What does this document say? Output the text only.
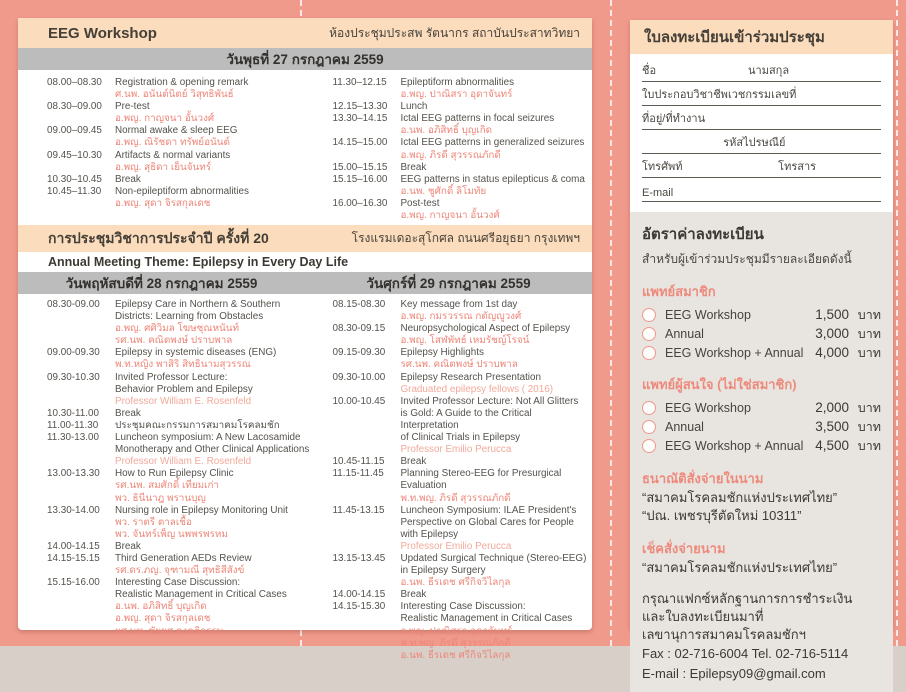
EEG Workshop	ห้องประชุมประสพ รัตนากร สถาบันประสาทวิทยา
วันพุธที่ 27 กรกฎาคม 2559
08.00–08.30	Registration & opening remark
ศ.นพ. อนันต์นิตย์ วิสุทธิพันธ์
08.30–09.00	Pre-test
อ.พญ. กาญจนา อั้นวงศ์
09.00–09.45	Normal awake & sleep EEG
อ.พญ. ณิรัชดา ทรัพย์อนันต์
09.45–10.30	Artifacts & normal variants
อ.พญ. สุธิดา เย็นจันทร์
10.30–10.45	Break
10.45–11.30	Non-epileptiform abnormalities
อ.พญ. สุดา จิรสกุลเดช
11.30–12.15	Epileptiform abnormalities
อ.พญ. ปาณิสรา อุดาจันทร์
12.15–13.30	Lunch
13.30–14.15	Ictal EEG patterns in focal seizures
อ.นพ. อภิสิทธิ์ บุญเกิด
14.15–15.00	Ictal EEG patterns in generalized seizures
อ.พญ. ภิรดี สุวรรณภักดี
15.00–15.15	Break
15.15–16.00	EEG patterns in status epilepticus & coma
อ.นพ. ชูศักดิ์ ลิโมทัย
16.00–16.30	Post-test
อ.พญ. กาญจนา อั้นวงศ์
การประชุมวิชาการประจำปี ครั้งที่ 20	โรงแรมเดอะสุโกศล ถนนศรีอยุธยา กรุงเทพฯ
Annual Meeting Theme: Epilepsy in Every Day Life
วันพฤหัสบดีที่ 28 กรกฎาคม 2559	วันศุกร์ที่ 29 กรกฎาคม 2559
08.30-09.00	Epilepsy Care in Northern & Southern
Districts: Learning from Obstacles
อ.พญ. ศศิวิมล โฆษชุณหนันท์
รศ.นพ. คณิตพงษ์ ปราบพาล
09.00-09.30	Epilepsy in systemic diseases (ENG)
พ.ท.หญิง พาสิริ สิทธินามสุวรรณ
09.30-10.30	Invited Professor Lecture:
Behavior Problem and Epilepsy
Professor William E. Rosenfeld
10.30-11.00	Break
11.00-11.30	ประชุมคณะกรรมการสมาคมโรคลมชัก
11.30-13.00	Luncheon symposium: A New Lacosamide
Monotherapy and Other Clinical Applications
Professor William E. Rosenfeld
13.00-13.30	How to Run Epilepsy Clinic
รศ.นพ. สมศักดิ์ เทียมเก่า
พว. ธินีนาฎ พรานบุญ
13.30-14.00	Nursing role in Epilepsy Monitoring Unit
พว. ราตรี ตาลเชื้อ
พว. จันทร์เพ็ญ นพพรพรหม
14.00-14.15	Break
14.15-15.15	Third Generation AEDs Review
รศ.ดร.ภญ. จุฑามณี สุทธิสีสังข์
15.15-16.00	Interesting Case Discussion:
Realistic Management in Critical Cases
อ.นพ. อภิสิทธิ์ บุญเกิด
อ.พญ. สุดา จิรสกุลเดช
ผศ.นพ. ชัยยศ คงคติธรรม
08.15-08.30	Key message from 1st day
อ.พญ. กมรวรรณ กตัญญูวงศ์
08.30-09.15	Neuropsychological Aspect of Epilepsy
อ.พญ. โสฬพัทธ์ เหมรัชญ์โรจน์
09.15-09.30	Epilepsy Highlights
รศ.นพ. คณิตพงษ์ ปราบพาล
09.30-10.00	Epilepsy Research Presentation
Graduated epilepsy fellows ( 2016)
10.00-10.45	Invited Professor Lecture: Not All Glitters
is Gold: A Guide to the Critical Interpretation
of Clinical Trials in Epilepsy
Professor Emilio Perucca
10.45-11.15	Break
11.15-11.45	Planning Stereo-EEG for Presurgical
Evaluation
พ.ท.พญ. ภิรดี สุวรรณภักดี
11.45-13.15	Luncheon Symposium: ILAE President's
Perspective on Global Cares for People
with Epilepsy
Professor Emilio Perucca
13.15-13.45	Updated Surgical Technique (Stereo-EEG)
in Epilepsy Surgery
อ.นพ. ธีรเดช ศรีกิจวิไลกุล
14.00-14.15	Break
14.15-15.30	Interesting Case Discussion:
Realistic Management in Critical Cases
อ.พญ. ปาณิสรา อุดาจันทร์
พ.ท.พญ. ภิรดี สุวรรณภักดี
อ.นพ. ธีรเดช ศรีกิจวิไลกุล
ใบลงทะเบียนเข้าร่วมประชุม
ชื่อ	นามสกุล
ใบประกอบวิชาชีพเวชกรรมเลขที่
ที่อยู่/ที่ทำงาน
รหัสไปรษณีย์
โทรศัพท์	โทรสาร
E-mail
อัตราค่าลงทะเบียน
สำหรับผู้เข้าร่วมประชุมมีรายละเอียดดังนี้
แพทย์สมาชิก
EEG Workshop	1,500 บาท
Annual	3,000 บาท
EEG Workshop + Annual 4,000 บาท
แพทย์ผู้สนใจ (ไม่ใช่สมาชิก)
EEG Workshop	2,000 บาท
Annual	3,500 บาท
EEG Workshop + Annual 4,500 บาท
ธนาณัติสั่งจ่ายในนาม
“สมาคมโรคลมชักแห่งประเทศไทย”
“ปณ. เพชรบุรีตัดใหม่ 10311”
เช็คสั่งจ่ายนาม
“สมาคมโรคลมชักแห่งประเทศไทย”
กรุณาแฟกซ์หลักฐานการการชำระเงิน
และใบลงทะเบียนมาที่
เลขานุการสมาคมโรคลมชักฯ
Fax : 02-716-6004 Tel. 02-716-5114
E-mail : Epilepsy09@gmail.com
